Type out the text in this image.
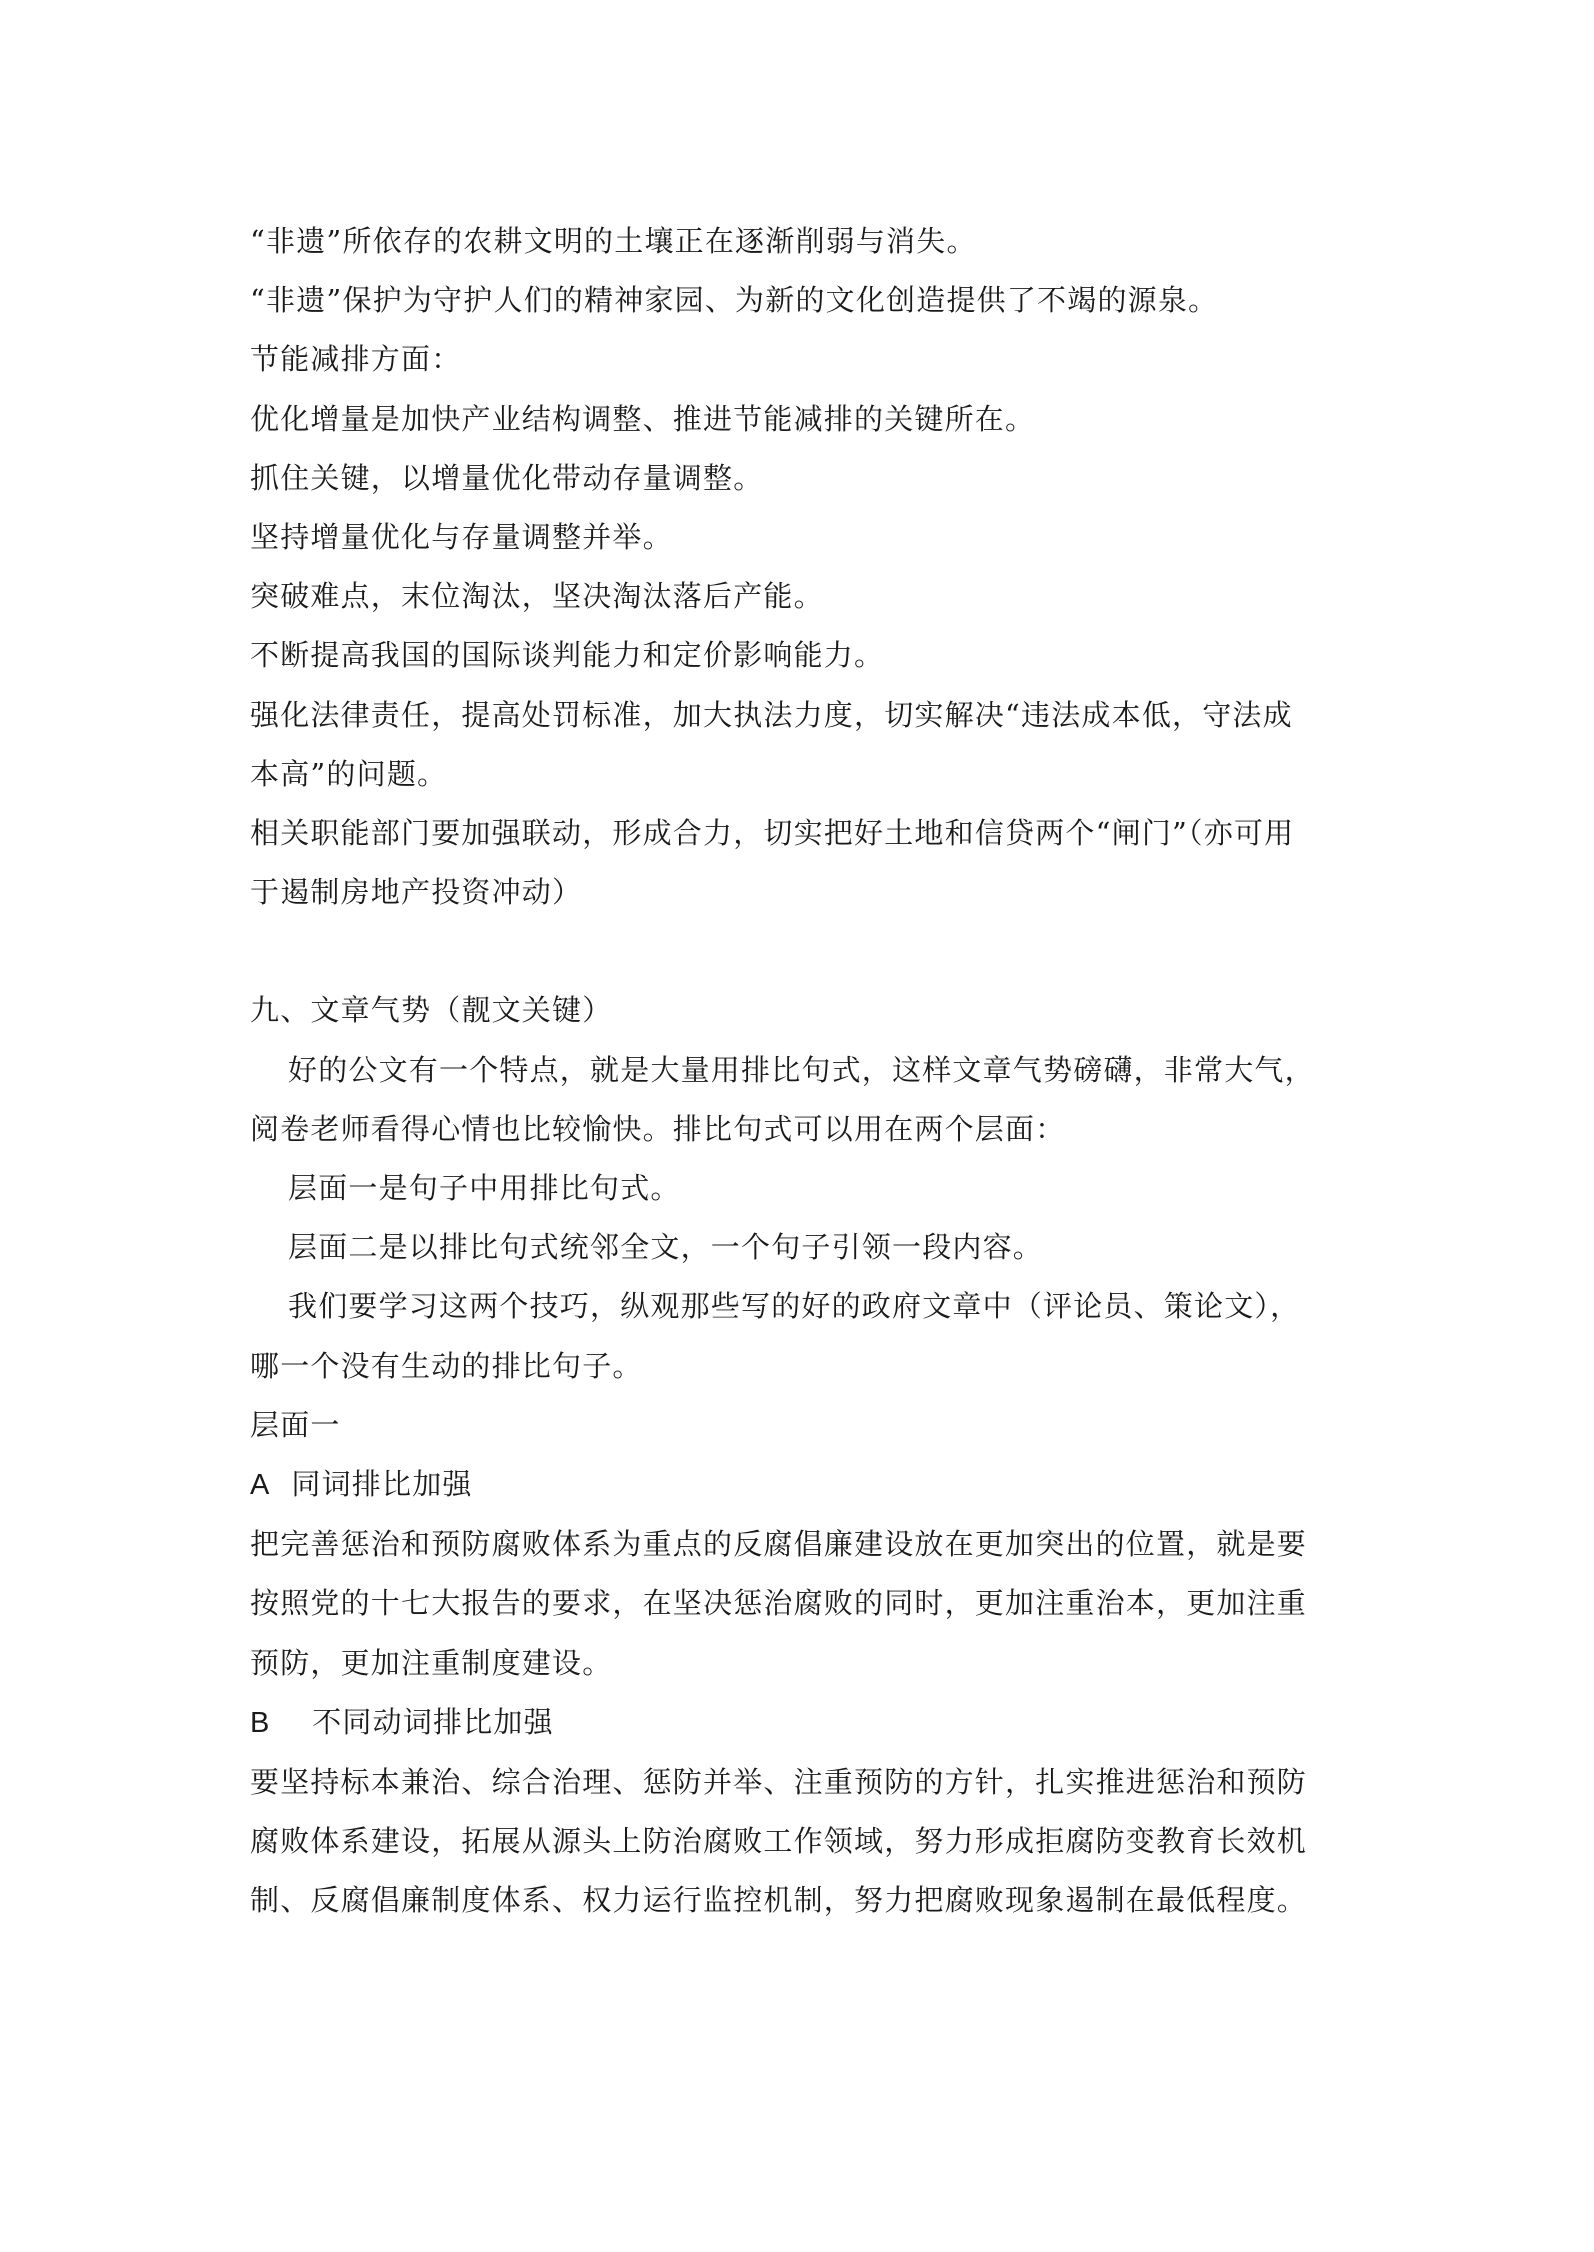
“非遗”所依存的农耕文明的土壤正在逐渐削弱与消失。

“非遗”保护为守护人们的精神家园、为新的文化创造提供了不竭的源泉。

节能减排方面：

优化增量是加快产业结构调整、推进节能减排的关键所在。

抓住关键，以增量优化带动存量调整。

坚持增量优化与存量调整并举。

突破难点，末位淘汰，坚决淘汰落后产能。

不断提高我国的国际谈判能力和定价影响能力。

强化法律责任，提高处罚标准，加大执法力度，切实解决“违法成本低，守法成

本高”的问题。

相关职能部门要加强联动，形成合力，切实把好土地和信贷两个“闸门”（亦可用

于遏制房地产投资冲动）

九、文章气势（靓文关键）

好的公文有一个特点，就是大量用排比句式，这样文章气势磅礴，非常大气，

阅卷老师看得心情也比较愉快。排比句式可以用在两个层面：

层面一是句子中用排比句式。

层面二是以排比句式统邻全文，一个句子引领一段内容。

我们要学习这两个技巧，纵观那些写的好的政府文章中（评论员、策论文），

哪一个没有生动的排比句子。

层面一

A 同词排比加强

把完善惩治和预防腐败体系为重点的反腐倡廉建设放在更加突出的位置，就是要

按照党的十七大报告的要求，在坚决惩治腐败的同时，更加注重治本，更加注重

预防，更加注重制度建设。

B 不同动词排比加强

要坚持标本兼治、综合治理、惩防并举、注重预防的方针，扎实推进惩治和预防

腐败体系建设，拓展从源头上防治腐败工作领域，努力形成拒腐防变教育长效机

制、反腐倡廉制度体系、权力运行监控机制，努力把腐败现象遏制在最低程度。
